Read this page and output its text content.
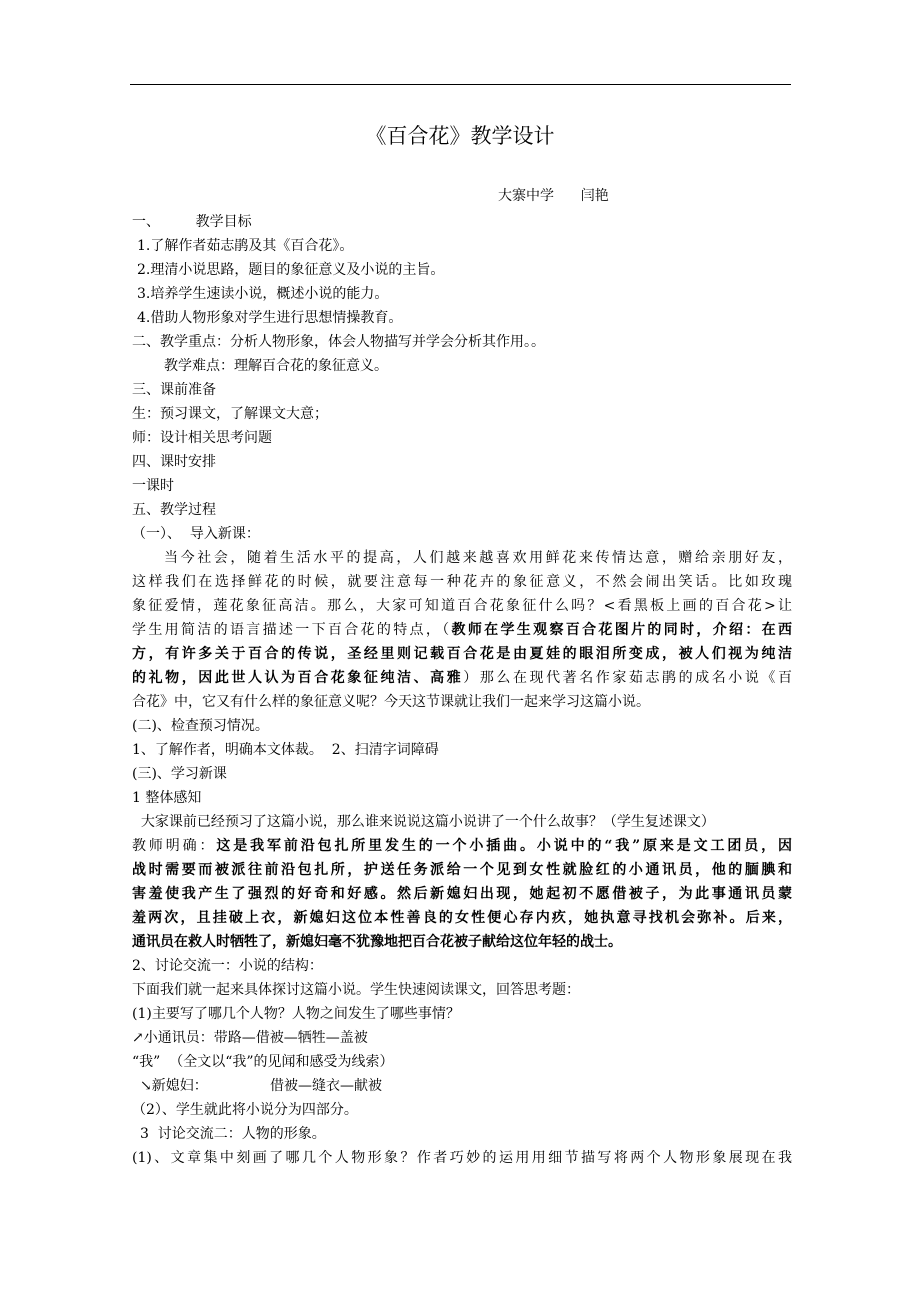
《百合花》教学设计
大寨中学      闫艳
一、        教学目标
1.了解作者茹志鹃及其《百合花》。
2.理清小说思路，题目的象征意义及小说的主旨。
3.培养学生速读小说，概述小说的能力。
4.借助人物形象对学生进行思想情操教育。
二、教学重点：分析人物形象，体会人物描写并学会分析其作用。。
教学难点：理解百合花的象征意义。
三、课前准备
生：预习课文，了解课文大意；
师：设计相关思考问题
四、课时安排
一课时
五、教学过程
（一）、  导入新课：
当今社会，随着生活水平的提高，人们越来越喜欢用鲜花来传情达意，赠给亲朋好友，
这样我们在选择鲜花的时候，就要注意每一种花卉的象征意义，不然会闹出笑话。比如玫瑰
象征爱情，莲花象征高洁。那么，大家可知道百合花象征什么吗？<看黑板上画的百合花>让
学生用简洁的语言描述一下百合花的特点，（教师在学生观察百合花图片的同时，介绍：在西
方，有许多关于百合的传说，圣经里则记载百合花是由夏娃的眼泪所变成，被人们视为纯洁
的礼物，因此世人认为百合花象征纯洁、高雅）那么在现代著名作家茹志鹃的成名小说《百
合花》中，它又有什么样的象征意义呢？今天这节课就让我们一起来学习这篇小说。
(二)、检查预习情况。
1、了解作者，明确本文体裁。  2、扫清字词障碍
(三)、学习新课
1 整体感知
大家课前已经预习了这篇小说，那么谁来说说这篇小说讲了一个什么故事？（学生复述课文）
教师明确：这是我军前沿包扎所里发生的一个小插曲。小说中的“我”原来是文工团员，因
战时需要而被派往前沿包扎所，护送任务派给一个见到女性就脸红的小通讯员，他的腼腆和
害羞使我产生了强烈的好奇和好感。然后新媳妇出现，她起初不愿借被子，为此事通讯员蒙
羞两次，且挂破上衣，新媳妇这位本性善良的女性便心存内疚，她执意寻找机会弥补。后来，
通讯员在救人时牺牲了，新媳妇毫不犹豫地把百合花被子献给这位年轻的战士。
2、讨论交流一：小说的结构：
下面我们就一起来具体探讨这篇小说。学生快速阅读课文，回答思考题：
(1)主要写了哪几个人物？人物之间发生了哪些事情？
↗小通讯员：带路—借被—牺牲—盖被
“我”  （全文以“我”的见闻和感受为线索）
↘新媳妇：              借被—缝衣—献被
（2）、学生就此将小说分为四部分。
3  讨论交流二：人物的形象。
(1)、文章集中刻画了哪几个人物形象？作者巧妙的运用用细节描写将两个人物形象展现在我
